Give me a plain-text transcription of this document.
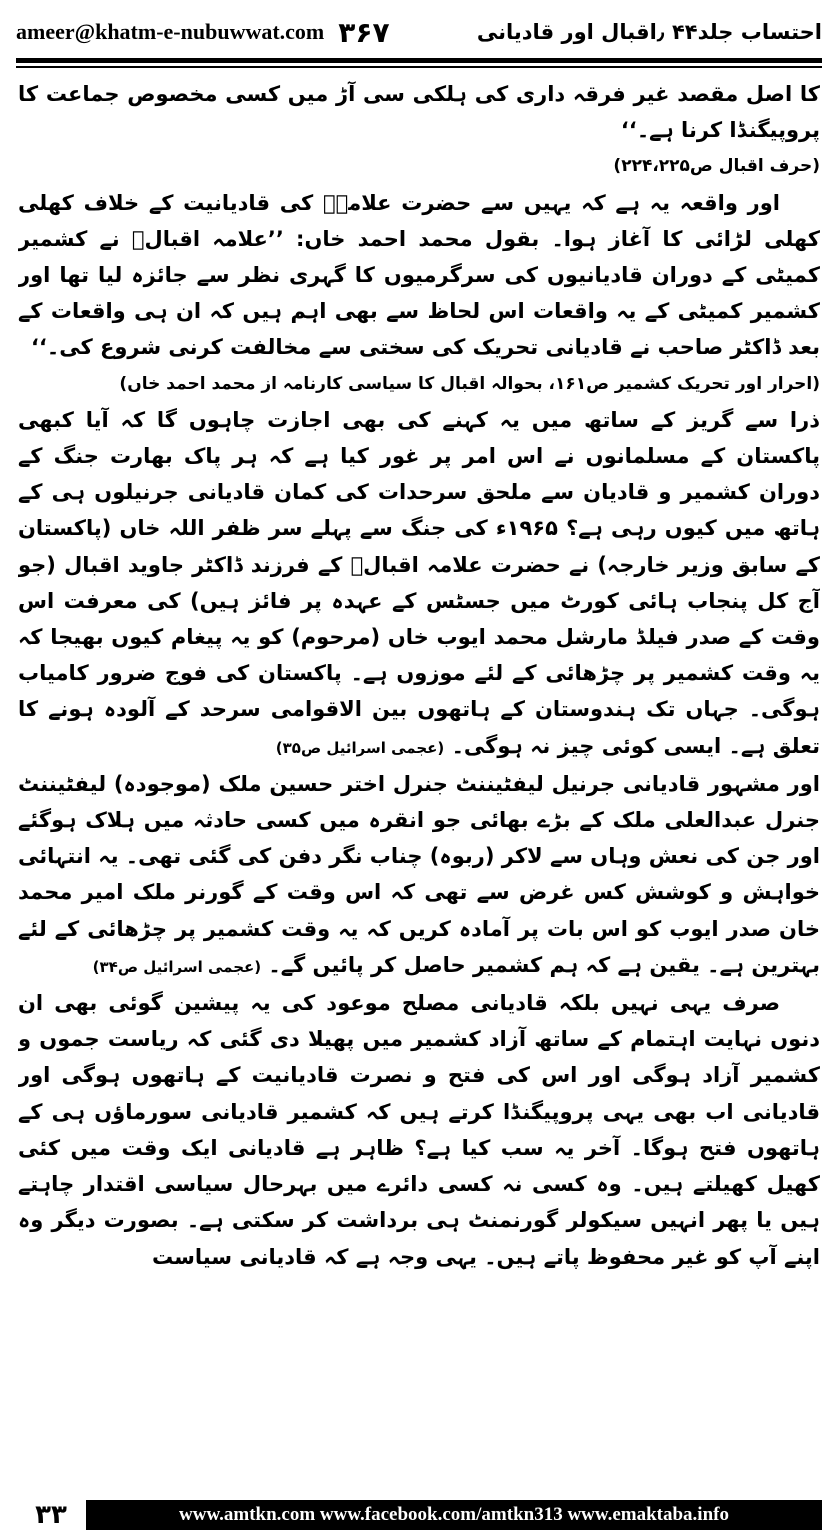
ameer@khatm-e-nubuwwat.com ۳۶۷	احتساب جلد۴۴ ٫اقبال اور قادیانی

کا اصل مقصد غیر فرقہ داری کی ہلکی سی آڑ میں کسی مخصوص جماعت کا پروپیگنڈا کرنا ہے۔‘‘

(حرف اقبال ص۲۲۴،۲۲۵)

اور واقعہ یہ ہے کہ یہیں سے حضرت علامہؒ کی قادیانیت کے خلاف کھلی کھلی لڑائی کا آغاز ہوا۔ بقول محمد احمد خاں: ’’علامہ اقبالؒ نے کشمیر کمیٹی کے دوران قادیانیوں کی سرگرمیوں کا گہری نظر سے جائزہ لیا تھا اور کشمیر کمیٹی کے یہ واقعات اس لحاظ سے بھی اہم ہیں کہ ان ہی واقعات کے بعد ڈاکٹر صاحب نے قادیانی تحریک کی سختی سے مخالفت کرنی شروع کی۔‘‘

(احرار اور تحریک کشمیر ص۱۶۱، بحوالہ اقبال کا سیاسی کارنامہ از محمد احمد خاں)

ذرا سے گریز کے ساتھ میں یہ کہنے کی بھی اجازت چاہوں گا کہ آیا کبھی پاکستان کے مسلمانوں نے اس امر پر غور کیا ہے کہ ہر پاک بھارت جنگ کے دوران کشمیر و قادیان سے ملحق سرحدات کی کمان قادیانی جرنیلوں ہی کے ہاتھ میں کیوں رہی ہے؟ ۱۹۶۵ء کی جنگ سے پہلے سر ظفر اللہ خاں (پاکستان کے سابق وزیر خارجہ) نے حضرت علامہ اقبالؒ کے فرزند ڈاکٹر جاوید اقبال (جو آج کل پنجاب ہائی کورٹ میں جسٹس کے عہدہ پر فائز ہیں) کی معرفت اس وقت کے صدر فیلڈ مارشل محمد ایوب خاں (مرحوم) کو یہ پیغام کیوں بھیجا کہ یہ وقت کشمیر پر چڑھائی کے لئے موزوں ہے۔ پاکستان کی فوج ضرور کامیاب ہوگی۔ جہاں تک ہندوستان کے ہاتھوں بین الاقوامی سرحد کے آلودہ ہونے کا تعلق ہے۔ ایسی کوئی چیز نہ ہوگی۔ (عجمی اسرائیل ص۳۵)

اور مشہور قادیانی جرنیل لیفٹیننٹ جنرل اختر حسین ملک (موجودہ) لیفٹیننٹ جنرل عبدالعلی ملک کے بڑے بھائی جو انقرہ میں کسی حادثہ میں ہلاک ہوگئے اور جن کی نعش وہاں سے لاکر (ربوہ) چناب نگر دفن کی گئی تھی۔ یہ انتہائی خواہش و کوشش کس غرض سے تھی کہ اس وقت کے گورنر ملک امیر محمد خان صدر ایوب کو اس بات پر آمادہ کریں کہ یہ وقت کشمیر پر چڑھائی کے لئے بہترین ہے۔ یقین ہے کہ ہم کشمیر حاصل کر پائیں گے۔ (عجمی اسرائیل ص۳۴)

صرف یہی نہیں بلکہ قادیانی مصلح موعود کی یہ پیشین گوئی بھی ان دنوں نہایت اہتمام کے ساتھ آزاد کشمیر میں پھیلا دی گئی کہ ریاست جموں و کشمیر آزاد ہوگی اور اس کی فتح و نصرت قادیانیت کے ہاتھوں ہوگی اور قادیانی اب بھی یہی پروپیگنڈا کرتے ہیں کہ کشمیر قادیانی سورماؤں ہی کے ہاتھوں فتح ہوگا۔ آخر یہ سب کیا ہے؟ ظاہر ہے قادیانی ایک وقت میں کئی کھیل کھیلتے ہیں۔ وہ کسی نہ کسی دائرے میں بہرحال سیاسی اقتدار چاہتے ہیں یا پھر انہیں سیکولر گورنمنٹ ہی برداشت کر سکتی ہے۔ بصورت دیگر وہ اپنے آپ کو غیر محفوظ پاتے ہیں۔ یہی وجہ ہے کہ قادیانی سیاست

۳۳	www.amtkn.com www.facebook.com/amtkn313 www.emaktaba.info
